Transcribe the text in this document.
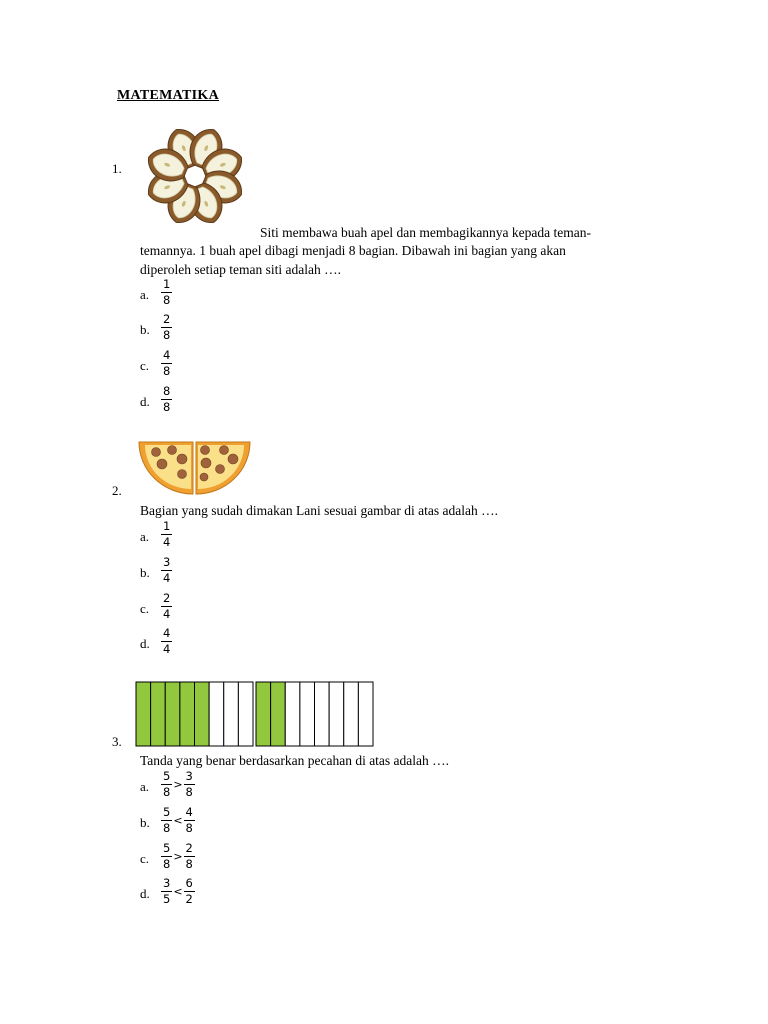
MATEMATIKA
1.
Siti membawa buah apel dan membagikannya kepada teman-
temannya. 1 buah apel dibagi menjadi 8 bagian. Dibawah ini bagian yang akan
diperoleh setiap teman siti adalah ….
a. $\frac{1}{8}$
b. $\frac{2}{8}$
c. $\frac{4}{8}$
d. $\frac{8}{8}$
2.
Bagian yang sudah dimakan Lani sesuai gambar di atas adalah ….
a. $\frac{1}{4}$
b. $\frac{3}{4}$
c. $\frac{2}{4}$
d. $\frac{4}{4}$
3.
Tanda yang benar berdasarkan pecahan di atas adalah ….
a. $\frac{5}{8} > \frac{3}{8}$
b. $\frac{5}{8} < \frac{4}{8}$
c. $\frac{5}{8} > \frac{2}{8}$
d. $\frac{3}{5} < \frac{6}{2}$
